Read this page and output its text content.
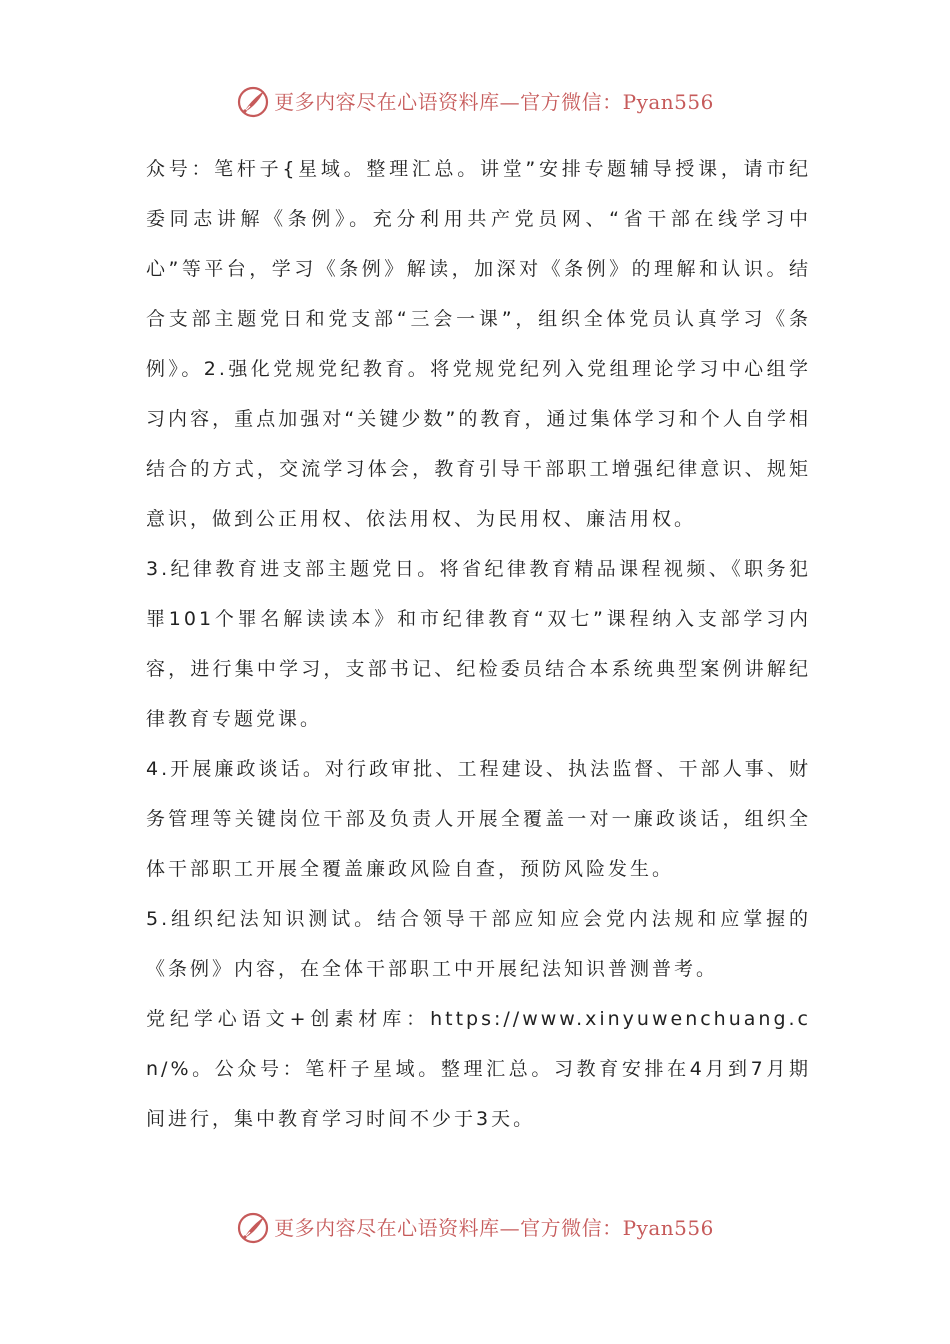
更多内容尽在心语资料库—官方微信：Pyan556

众号：笔杆子{星域。整理汇总。讲堂”安排专题辅导授课，请市纪委同志讲解《条例》。充分利用共产党员网、“省干部在线学习中心”等平台，学习《条例》解读，加深对《条例》的理解和认识。结合支部主题党日和党支部“三会一课”，组织全体党员认真学习《条例》。2.强化党规党纪教育。将党规党纪列入党组理论学习中心组学习内容，重点加强对“关键少数”的教育，通过集体学习和个人自学相结合的方式，交流学习体会，教育引导干部职工增强纪律意识、规矩意识，做到公正用权、依法用权、为民用权、廉洁用权。

3.纪律教育进支部主题党日。将省纪律教育精品课程视频、《职务犯罪101个罪名解读读本》和市纪律教育“双七”课程纳入支部学习内容，进行集中学习，支部书记、纪检委员结合本系统典型案例讲解纪律教育专题党课。

4.开展廉政谈话。对行政审批、工程建设、执法监督、干部人事、财务管理等关键岗位干部及负责人开展全覆盖一对一廉政谈话，组织全体干部职工开展全覆盖廉政风险自查，预防风险发生。

5.组织纪法知识测试。结合领导干部应知应会党内法规和应掌握的《条例》内容，在全体干部职工中开展纪法知识普测普考。

党纪学心语文+创素材库：https://www.xinyuwenchuang.cn/%。公众号：笔杆子星域。整理汇总。习教育安排在4月到7月期间进行，集中教育学习时间不少于3天。

更多内容尽在心语资料库—官方微信：Pyan556
